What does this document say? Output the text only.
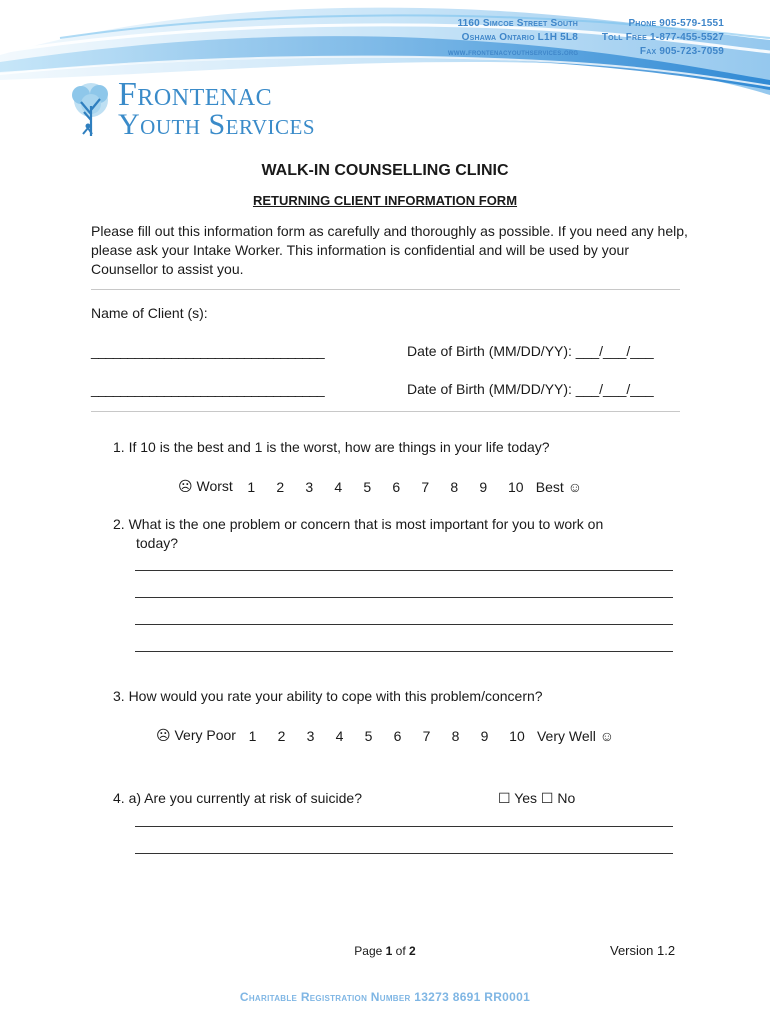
1160 Simcoe Street South
Oshawa Ontario L1H 5L8
www.frontenacyouthservices.org
Phone 905-579-1551
Toll Free 1-877-455-5527
Fax 905-723-7059
Frontenac
Youth Services
WALK-IN COUNSELLING CLINIC
RETURNING CLIENT INFORMATION FORM
Please fill out this information form as carefully and thoroughly as possible. If you need any help, please ask your Intake Worker. This information is confidential and will be used by your Counsellor to assist you.
Name of Client (s):
________________________________	Date of Birth (MM/DD/YY): ___/___/___
________________________________	Date of Birth (MM/DD/YY): ___/___/___
1. If 10 is the best and 1 is the worst, how are things in your life today?
☹ Worst	1	2	3	4	5	6	7	8	9	10 Best ☺
2. What is the one problem or concern that is most important for you to work on
today?
3. How would you rate your ability to cope with this problem/concern?
☹ Very Poor 1	2	3	4	5	6	7	8	9	10 Very Well ☺
4. a) Are you currently at risk of suicide?	☐ Yes ☐ No
Page 1 of 2	Version 1.2
Charitable Registration Number 13273 8691 RR0001
